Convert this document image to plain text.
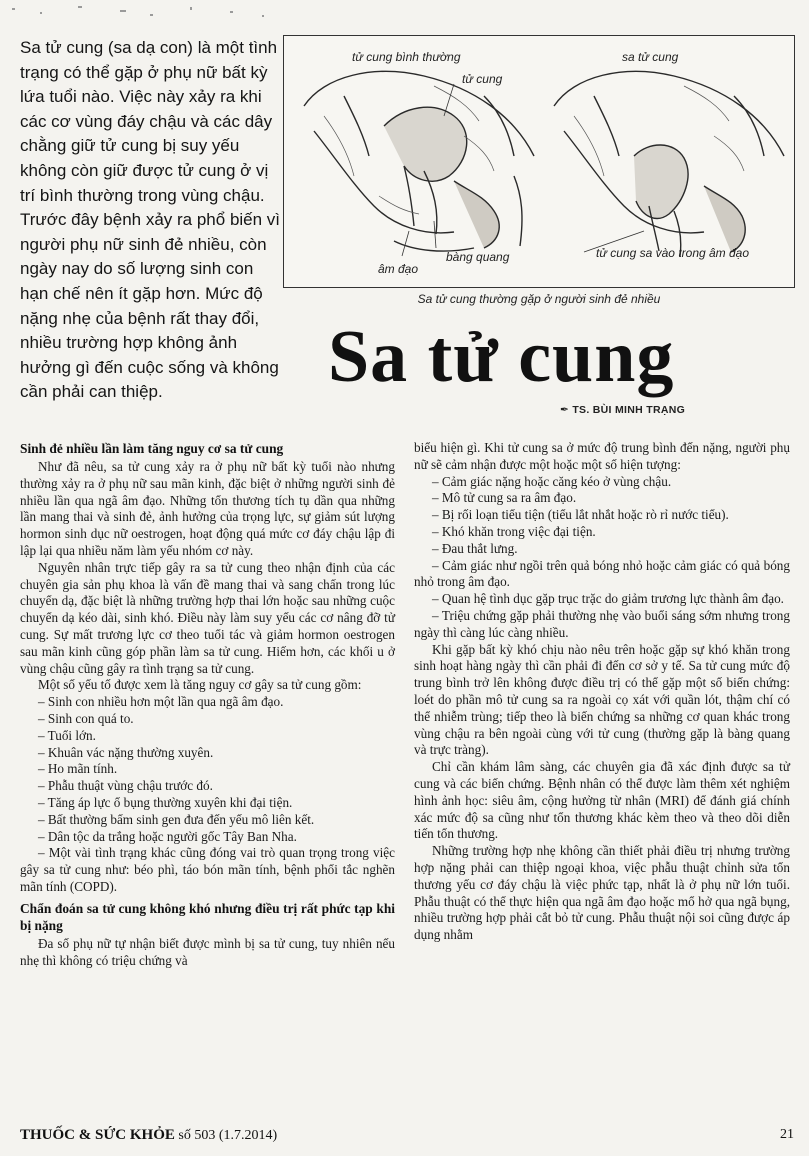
Sa tử cung (sa dạ con) là một tình trạng có thể gặp ở phụ nữ bất kỳ lứa tuổi nào. Việc này xảy ra khi các cơ vùng đáy chậu và các dây chằng giữ tử cung bị suy yếu không còn giữ được tử cung ở vị trí bình thường trong vùng chậu. Trước đây bệnh xảy ra phổ biến vì người phụ nữ sinh đẻ nhiều, còn ngày nay do số lượng sinh con hạn chế nên ít gặp hơn. Mức độ nặng nhẹ của bệnh rất thay đổi, nhiều trường hợp không ảnh hưởng gì đến cuộc sống và không cần phải can thiệp.
tử cung bình thường	sa tử cung
tử cung
bàng quang
âm đạo
tử cung sa vào trong âm đạo
Sa tử cung thường gặp ở người sinh đẻ nhiều
Sa tử cung
✒ TS. BÙI MINH TRẠNG
Sinh đẻ nhiều lần làm tăng nguy cơ sa tử cung

Như đã nêu, sa tử cung xảy ra ở phụ nữ bất kỳ tuổi nào nhưng thường xảy ra ở phụ nữ sau mãn kinh, đặc biệt ở những người sinh đẻ nhiều lần qua ngã âm đạo. Những tổn thương tích tụ dần qua những lần mang thai và sinh đẻ, ảnh hưởng của trọng lực, sự giảm sút lượng hormon sinh dục nữ oestrogen, hoạt động quá mức cơ đáy chậu lập đi lập lại qua nhiều năm làm yếu nhóm cơ này.

Nguyên nhân trực tiếp gây ra sa tử cung theo nhận định của các chuyên gia sản phụ khoa là vấn đề mang thai và sang chấn trong lúc chuyển dạ, đặc biệt là những trường hợp thai lớn hoặc sau những cuộc chuyển dạ kéo dài, sinh khó. Điều này làm suy yếu các cơ nâng đỡ tử cung. Sự mất trương lực cơ theo tuổi tác và giảm hormon oestrogen sau mãn kinh cũng góp phần làm sa tử cung. Hiếm hơn, các khối u ở vùng chậu cũng gây ra tình trạng sa tử cung.

Một số yếu tố được xem là tăng nguy cơ gây sa tử cung gồm:

– Sinh con nhiều hơn một lần qua ngã âm đạo.
– Sinh con quá to.
– Tuổi lớn.
– Khuân vác nặng thường xuyên.
– Ho mãn tính.
– Phẫu thuật vùng chậu trước đó.
– Tăng áp lực ổ bụng thường xuyên khi đại tiện.
– Bất thường bẩm sinh gen đưa đến yếu mô liên kết.
– Dân tộc da trắng hoặc người gốc Tây Ban Nha.
– Một vài tình trạng khác cũng đóng vai trò quan trọng trong việc gây sa tử cung như: béo phì, táo bón mãn tính, bệnh phổi tắc nghẽn mãn tính (COPD).
Chẩn đoán sa tử cung không khó nhưng điều trị rất phức tạp khi bị nặng

Đa số phụ nữ tự nhận biết được mình bị sa tử cung, tuy nhiên nếu nhẹ thì không có triệu chứng và

biểu hiện gì. Khi tử cung sa ở mức độ trung bình đến nặng, người phụ nữ sẽ cảm nhận được một hoặc một số hiện tượng:

– Cảm giác nặng hoặc căng kéo ở vùng chậu.
– Mô tử cung sa ra âm đạo.
– Bị rối loạn tiểu tiện (tiểu lắt nhắt hoặc rò rỉ nước tiểu).
– Khó khăn trong việc đại tiện.
– Đau thắt lưng.
– Cảm giác như ngồi trên quả bóng nhỏ hoặc cảm giác có quả bóng nhỏ trong âm đạo.
– Quan hệ tình dục gặp trục trặc do giảm trương lực thành âm đạo.
– Triệu chứng gặp phải thường nhẹ vào buổi sáng sớm nhưng trong ngày thì càng lúc càng nhiều.

Khi gặp bất kỳ khó chịu nào nêu trên hoặc gặp sự khó khăn trong sinh hoạt hàng ngày thì cần phải đi đến cơ sở y tế. Sa tử cung mức độ trung bình trở lên không được điều trị có thể gặp một số biến chứng: loét do phần mô tử cung sa ra ngoài cọ xát với quần lót, thậm chí có thể nhiễm trùng; tiếp theo là biến chứng sa những cơ quan khác trong vùng chậu ra bên ngoài cùng với tử cung (thường gặp là bàng quang và trực tràng).

Chỉ cần khám lâm sàng, các chuyên gia đã xác định được sa tử cung và các biến chứng. Bệnh nhân có thể được làm thêm xét nghiệm hình ảnh học: siêu âm, cộng hưởng từ nhân (MRI) để đánh giá chính xác mức độ sa cũng như tổn thương khác kèm theo và theo dõi diễn tiến tổn thương.

Những trường hợp nhẹ không cần thiết phải điều trị nhưng trường hợp nặng phải can thiệp ngoại khoa, việc phẫu thuật chỉnh sửa tổn thương yếu cơ đáy chậu là việc phức tạp, nhất là ở phụ nữ lớn tuổi. Phẫu thuật có thể thực hiện qua ngã âm đạo hoặc mổ hở qua ngã bụng, nhiều trường hợp phải cắt bỏ tử cung. Phẫu thuật nội soi cũng được áp dụng nhằm

THUỐC & SỨC KHỎE số 503 (1.7.2014)	21
